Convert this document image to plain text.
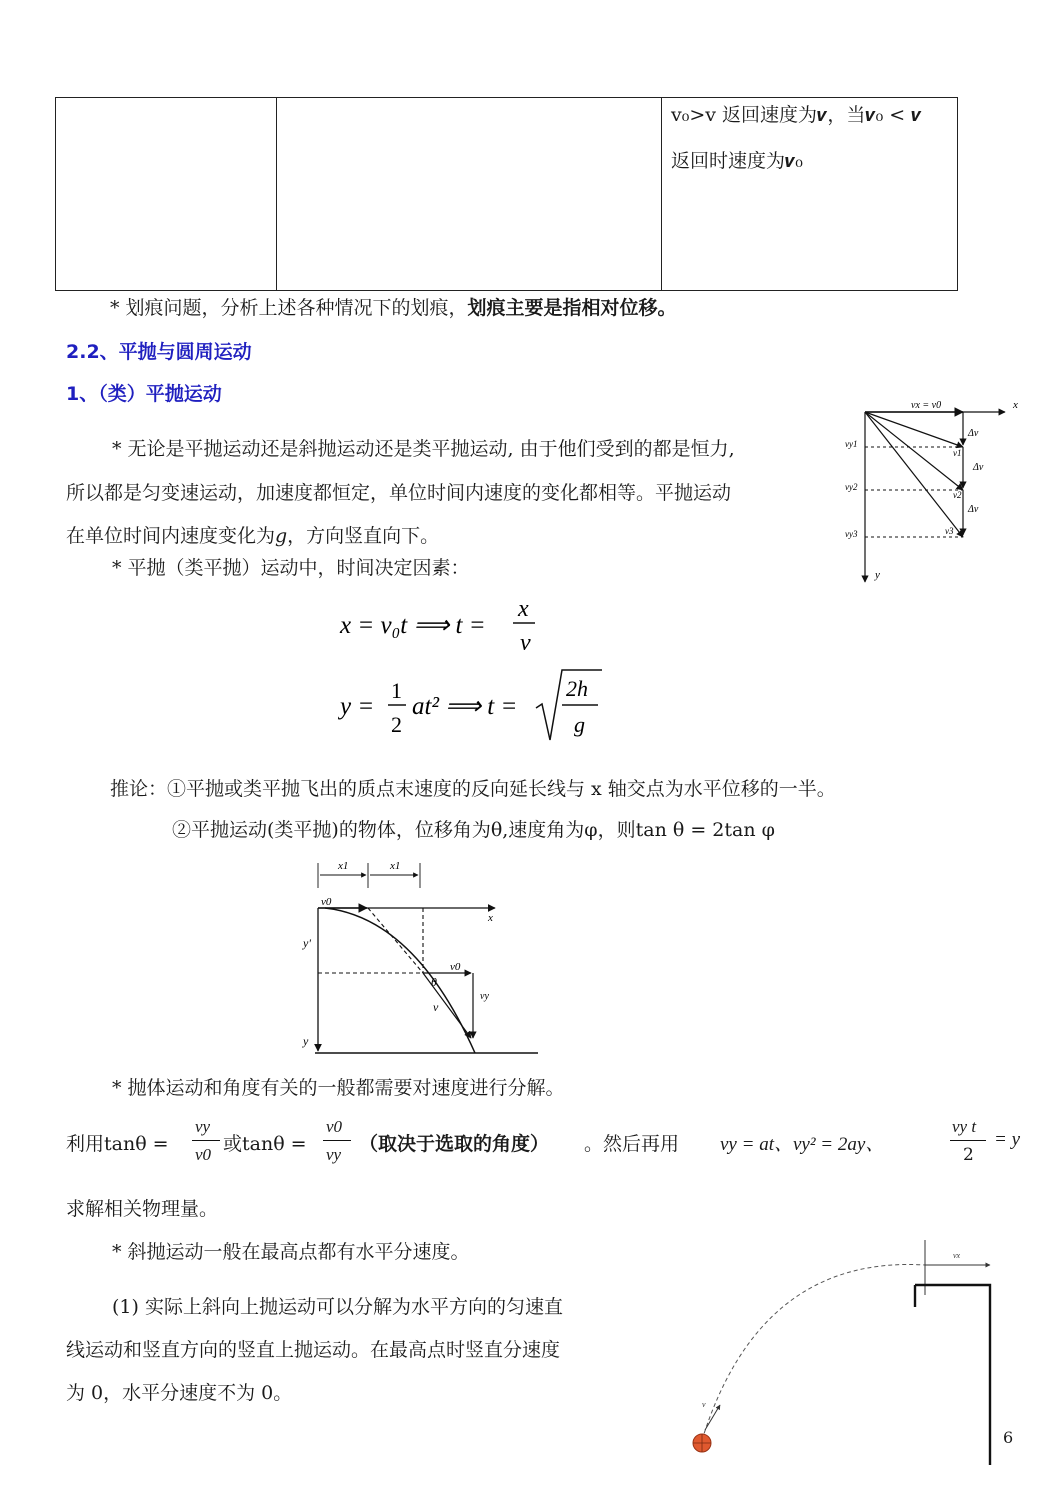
v₀>v 返回速度为𝒗，当𝒗₀ < 𝒗
返回时速度为𝒗₀
* 划痕问题，分析上述各种情况下的划痕，划痕主要是指相对位移。
2.2、平抛与圆周运动
1、（类）平抛运动
* 无论是平抛运动还是斜抛运动还是类平抛运动, 由于他们受到的都是恒力,
所以都是匀变速运动，加速度都恒定，单位时间内速度的变化都相等。平抛运动
在单位时间内速度变化为𝑔，方向竖直向下。
* 平抛（类平抛）运动中，时间决定因素：
x = v₀t ⟹ t =
x
v
y =
1
2
at² ⟹ t =
2h
g
推论：①平抛或类平抛飞出的质点末速度的反向延长线与 x 轴交点为水平位移的一半。
②平抛运动(类平抛)的物体，位移角为θ,速度角为φ，则tan θ = 2tan φ
vx = v0	x
y
vy1
vy2
vy3
v1
v2
v3
Δv
Δv
Δv
x1	x1
x
y
y'
v0
v0
θ
v
vy
* 抛体运动和角度有关的一般都需要对速度进行分解。
利用tanθ =
vy
v0 或tanθ =
v0
vy （取决于选取的角度） 。然后再用 vy = at、vy² = 2ay、
vy t
2
= y
求解相关物理量。
* 斜抛运动一般在最高点都有水平分速度。
(1) 实际上斜向上抛运动可以分解为水平方向的匀速直
线运动和竖直方向的竖直上抛运动。在最高点时竖直分速度
为 0，水平分速度不为 0。
vx
v
6
